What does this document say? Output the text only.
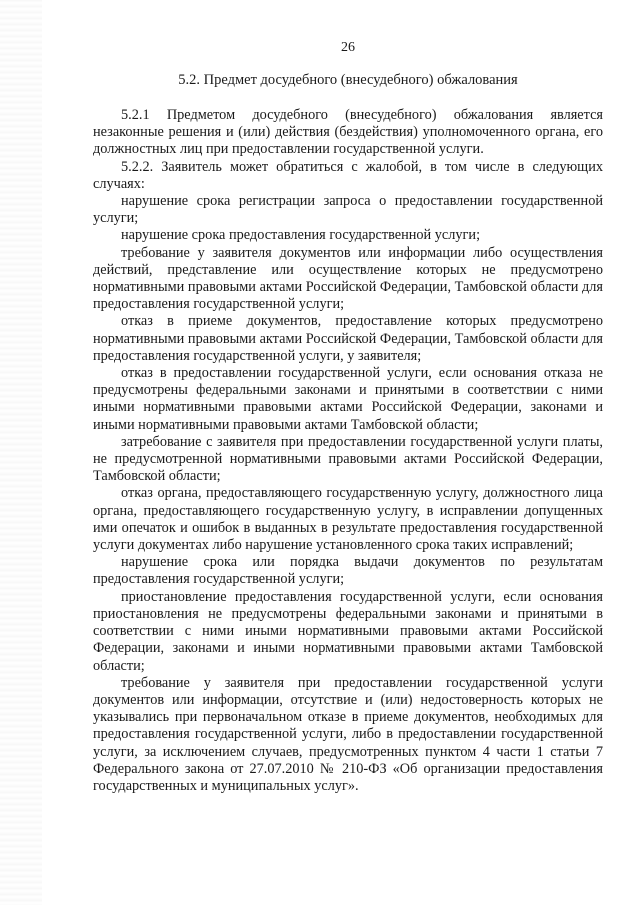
26
5.2. Предмет досудебного (внесудебного) обжалования

5.2.1 Предметом досудебного (внесудебного) обжалования является незаконные решения и (или) действия (бездействия) уполномоченного органа, его должностных лиц при предоставлении государственной услуги.

5.2.2. Заявитель может обратиться с жалобой, в том числе в следующих случаях:

нарушение срока регистрации запроса о предоставлении государственной услуги;

нарушение срока предоставления государственной услуги;

требование у заявителя документов или информации либо осуществления действий, представление или осуществление которых не предусмотрено нормативными правовыми актами Российской Федерации, Тамбовской области для предоставления государственной услуги;

отказ в приеме документов, предоставление которых предусмотрено нормативными правовыми актами Российской Федерации, Тамбовской области для предоставления государственной услуги, у заявителя;

отказ в предоставлении государственной услуги, если основания отказа не предусмотрены федеральными законами и принятыми в соответствии с ними иными нормативными правовыми актами Российской Федерации, законами и иными нормативными правовыми актами Тамбовской области;

затребование с заявителя при предоставлении государственной услуги платы, не предусмотренной нормативными правовыми актами Российской Федерации, Тамбовской области;

отказ органа, предоставляющего государственную услугу, должностного лица органа, предоставляющего государственную услугу, в исправлении допущенных ими опечаток и ошибок в выданных в результате предоставления государственной услуги документах либо нарушение установленного срока таких исправлений;

нарушение срока или порядка выдачи документов по результатам предоставления государственной услуги;

приостановление предоставления государственной услуги, если основания приостановления не предусмотрены федеральными законами и принятыми в соответствии с ними иными нормативными правовыми актами Российской Федерации, законами и иными нормативными правовыми актами Тамбовской области;

требование у заявителя при предоставлении государственной услуги документов или информации, отсутствие и (или) недостоверность которых не указывались при первоначальном отказе в приеме документов, необходимых для предоставления государственной услуги, либо в предоставлении государственной услуги, за исключением случаев, предусмотренных пунктом 4 части 1 статьи 7 Федерального закона от 27.07.2010 № 210-ФЗ «Об организации предоставления государственных и муниципальных услуг».
